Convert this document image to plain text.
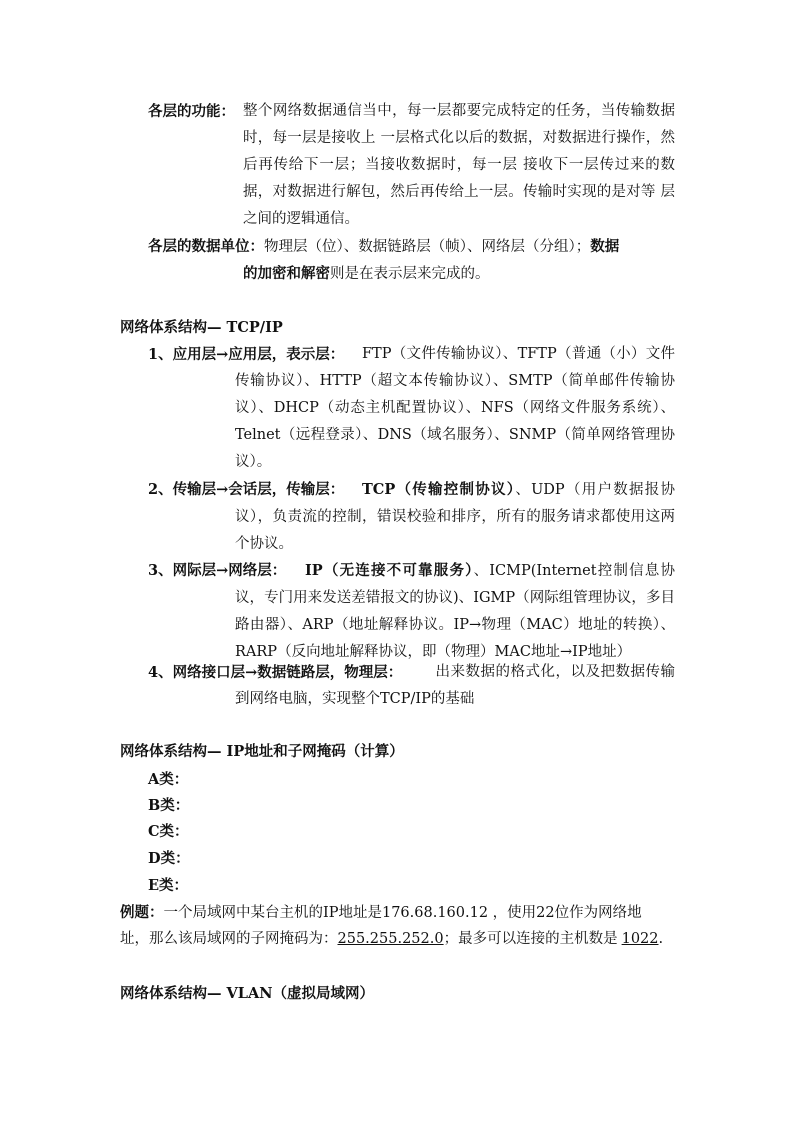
各层的功能： 整个网络数据通信当中，每一层都要完成特定的任务，当传输数据时，每一层是接收上 一层格式化以后的数据，对数据进行操作，然后再传给下一层；当接收数据时，每一层 接收下一层传过来的数据，对数据进行解包，然后再传给上一层。传输时实现的是对等 层之间的逻辑通信。
各层的数据单位：物理层（位）、数据链路层（帧）、网络层（分组）；数据
的加密和解密则是在表示层来完成的。
网络体系结构— TCP/IP
1、应用层→应用层，表示层：	FTP（文件传输协议）、TFTP（普通（小）文件传输协议）、HTTP（超文本传输协议）、SMTP（简单邮件传输协议）、DHCP（动态主机配置协议）、NFS（网络文件服务系统）、Telnet（远程登录）、DNS（域名服务）、SNMP（简单网络管理协议）。
2、传输层→会话层，传输层：	TCP（传输控制协议）、UDP（用户数据报协议），负责流的控制，错误校验和排序，所有的服务请求都使用这两个协议。
3、网际层→网络层：	IP（无连接不可靠服务）、ICMP(Internet控制信息协议，专门用来发送差错报文的协议)、IGMP（网际组管理协议，多目路由器）、ARP（地址解释协议。IP→物理（MAC）地址的转换）、RARP（反向地址解释协议，即（物理）MAC地址→IP地址）
4、网络接口层→数据链路层，物理层：	出来数据的格式化，以及把数据传输到网络电脑，实现整个TCP/IP的基础
网络体系结构— IP地址和子网掩码（计算）
A类：
B类：
C类：
D类：
E类：
例题：一个局域网中某台主机的IP地址是176.68.160.12 ，使用22位作为网络地
址，那么该局域网的子网掩码为：255.255.252.0；最多可以连接的主机数是 1022.
网络体系结构— VLAN（虚拟局域网）
